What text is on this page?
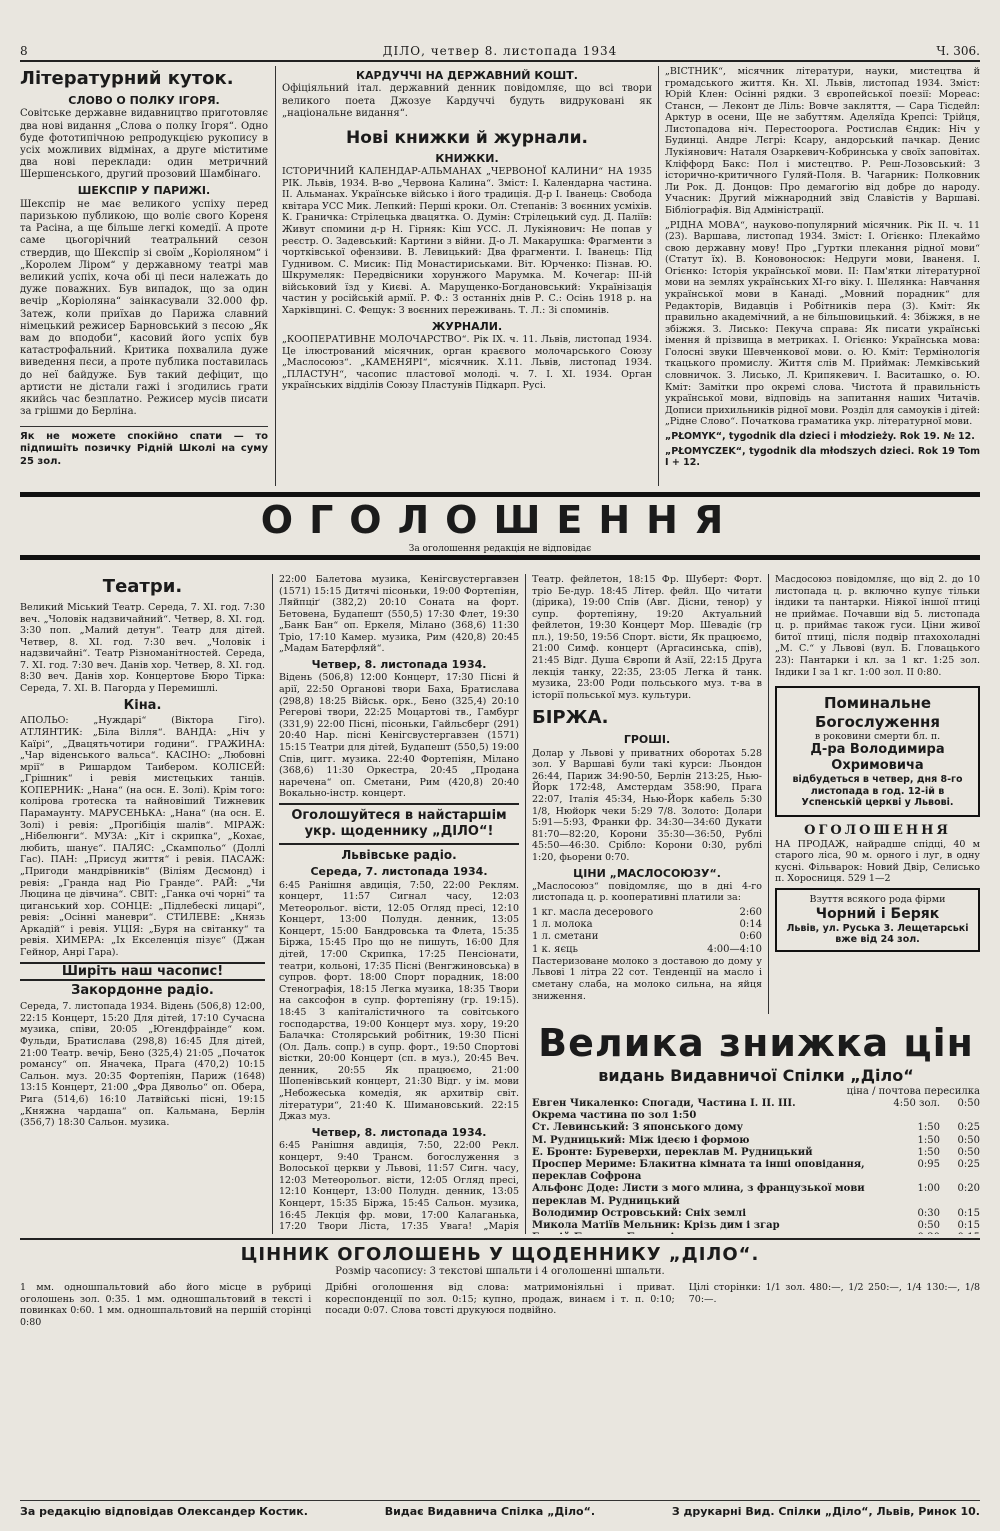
8	ДІЛО, четвер 8. листопада 1934	Ч. 306.
Літературний куток.
СЛОВО О ПОЛКУ ІГОРЯ.

Совітське державне видавництво приготовляє два нові видання „Слова о полку Ігоря“. Одно буде фототипічною репродукцією рукопису в усіх можливих відмінах, а друге міститиме два нові переклади: один метричний Шершенського, другий прозовий Шамбінаго.

ШЕКСПІР У ПАРИЖІ.

Шекспір не має великого успіху перед паризькою публикою, що воліє свого Кореня та Расіна, а ще більше легкі комедії. А проте саме цьогорічний театральний сезон ствердив, що Шекспір зі своїм „Коріоляном“ і „Королем Ліром“ у державному театрі мав великий успіх, коча обі ці песи належать до дуже поважних. Був випадок, що за один вечір „Коріоляна“ заінкасували 32.000 фр. Затеж, коли приїхав до Парижа славний німецький режисер Барновський з пєсою „Як вам до вподоби“, касовий його успіх був катастрофальний. Критика похвалила дуже виведення пєси, а проте публика поставилась до неї байдуже. Був такий дефіцит, що артисти не дістали гажі і згодились грати якийсь час безплатно. Режисер мусів писати за грішми до Берліна.

Як не можете спокійно спати — то підпишіть позичку Рідній Школі на суму 25 зол.

КАРДУЧЧІ НА ДЕРЖАВНИЙ КОШТ.

Офіціяльний італ. державний денник повідомляє, що всі твори великого поета Джозуе Кардуччі будуть видруковані як „національне видання“.

Нові книжки й журнали.
КНИЖКИ.

ІСТОРИЧНИЙ КАЛЕНДАР-АЛЬМАНАХ „ЧЕРВОНОЇ КАЛИНИ“ НА 1935 РІК. Львів, 1934. В-во „Червона Калина“. Зміст: І. Календарна частина. II. Альманах. Українське військо і його традиція. Д-р І. Іванець: Свобода квітара УСС Мик. Лепкий: Перші кроки. Ол. Степанів: З воєнних усміхів. К. Граничка: Стрілецька двацятка. О. Думін: Стрілецький суд. Д. Паліїв: Живут спомини д-р Н. Гірняк: Кіш УСС. Л. Лукіянович: Не попав у реєстр. О. Задевський: Картини з війни. Д-о Л. Макарушка: Фрагменти з чортківської офензиви. В. Левицький: Два фрагменти. І. Іванець: Під Гуднивом. С. Мисик: Під Монастириськами. Віт. Юрченко: Пізнав. Ю. Шкрумеляк: Передвісники хорунжого Марумка. М. Кочегар: III-ій військовий їзд у Києві. А. Марущенко-Богдановський: Українізація частин у російській армії. Р. Ф.: З останніх днів Р. С.: Осінь 1918 р. на Харківщині. С. Фещук: З воєнних переживань. Т. Л.: Зі споминів.

ЖУРНАЛИ.

„КООПЕРАТИВНЕ МОЛОЧАРСТВО“. Рік IX. ч. 11. Львів, листопад 1934. Це ілюстрований місячник, орган краєвого молочарського Союзу „Маслосоюз“. „КАМЕНЯРІ“, місячник. Х.11. Львів, листопад 1934. „ПЛАСТУН“, часопис пластової молоді. ч. 7. І. ХІ. 1934. Орган українських відділів Союзу Пластунів Підкарп. Русі.

„ВІСТНИК“, місячник літератури, науки, мистецтва й громадського життя. Кн. XI. Львів, листопад 1934. Зміст: Юрій Клен: Осінні рядки. З європейської поезії: Мореас: Стансн, — Леконт де Ліль: Вовче закляття, — Сара Тісдейл: Арктур в осени, Ще не забуттям. Аделяїда Крепсі: Трійця, Листопадова ніч. Перестоорога. Ростислав Єндик: Ніч у Будинці. Андре Лєгрі: Ксару, андорський пачкар. Денис Лукіянович: Наталя Озаркевич-Кобринська у своїх заповітах. Кліффорд Бакс: Пол і мистецтво. Р. Реш-Лозовський: З історично-критичного Гуляй-Поля. В. Чагарник: Полковник Ли Рок. Д. Донцов: Про демагогію від добре до народу. Учасник: Другий міжнародний звід Славістів у Варшаві. Бібліографія. Від Адміністрації.

„РІДНА МОВА“, науково-популярний місячник. Рік II. ч. 11 (23). Варшава, листопад 1934. Зміст: І. Огієнко: Плекаймо свою державну мову! Про „Гуртки плекання рідної мови“ (Статут їх). В. Коновоносюк: Недруги мови, Іваненя. І. Огієнко: Історія української мови. II: Пам'ятки літературної мови на землях українських XI-го віку. І. Шелянка: Навчання української мови в Канаді. „Мовний порадник“ для Редакторів, Видавців і Робітників пера (3). Кміт: Як правильно академічний, а не більшовицький. 4: Збіжжя, в не збіжжя. З. Лисько: Пекуча справа: Як писати українські імення й прізвища в метриках. І. Огієнко: Українська мова: Голосні звуки Шевченкової мови. о. Ю. Кміт: Термінологія ткацького промислу. Життя слів М. Приймак: Лемківський словничок. З. Лисько, Л. Крипякевич. І. Васиташко, о. Ю. Кміт: Замітки про окремі слова. Чистота й правильність української мови, відповідь на запитання наших Читачів. Дописи прихильників рідної мови. Розділ для самоуків і дітей: „Рідне Слово“. Початкова граматика укр. літературної мови.

„PŁOMYK“, tygodnik dla dzieci i młodzieży. Rok 19. № 12.

„PŁOMYCZEK“, tygodnik dla młodszych dzieci. Rok 19 Tom I + 12.

ОГОЛОШЕННЯ
За оголошення редакція не відповідає
Театри.

Великий Міський Театр. Середа, 7. XI. год. 7:30 веч. „Чоловік надзвичайний“. Четвер, 8. XI. год. 3:30 поп. „Малий детун“. Театр для дітей. Четвер, 8. XI. год. 7:30 веч. „Чоловік і надзвичайні“. Театр Різноманітностей. Середа, 7. XI. год. 7:30 веч. Данів хор. Четвер, 8. XI. год. 8:30 веч. Данів хор. Концертове Бюро Тірка: Середа, 7. XI. В. Пагорда у Перемишлі.

Кіна.

АПОЛЬО: „Нуждарі“ (Віктора Гіго). АТЛЯНТИК: „Біла Вілля“. ВАНДА: „Ніч у Каїрі“, „Двацятьчотири години“. ГРАЖИНА: „Чар віденського вальса“. КАСІНО: „Любовні мрії“ в Ришардом Таибером. КОЛІСЕЙ: „Грішник“ і ревія мистецьких танців. КОПЕРНИК: „Нана“ (на осн. Е. Золі). Крім того: колірова гротеска та найновіший Тижневик Парамаунту. МАРУСЕНЬКА: „Нана“ (на осн. Е. Золі) і ревія: „Прогібіція шалів“. МІРАЖ: „Нібелюнги“. МУЗА: „Кіт і скрипка“, „Кохає, любить, шанує“. ПАЛЯС: „Скампольо“ (Доллі Гас). ПАН: „Присуд життя“ і ревія. ПАСАЖ: „Пригоди мандрівників“ (Віліям Десмонд) і ревія: „Гранда над Ріо Гранде“. РАЙ: „Чи Люцина це дівчина“. СВІТ: „Ганка очі чорні“ та циганський хор. СОНЦЕ: „Підлебескі лицарі“, ревія: „Осінні маневри“. СТИЛЕВЕ: „Князь Аркадій“ і ревія. УЦІЯ: „Буря на світанку“ та ревія. ХИМЕРА: „Іх Екселенція пізує“ (Джан Гейнор, Анрі Гара).

Ширіть наш часопис!
Закордонне радіо.

Середа, 7. листопада 1934. Відень (506,8) 12:00, 22:15 Концерт, 15:20 Для дітей, 17:10 Сучасна музика, співи, 20:05 „Югендфраінде“ ком. Фульди, Братислава (298,8) 16:45 Для дітей, 21:00 Театр. вечір, Бено (325,4) 21:05 „Початок романсу“ оп. Яначека, Прага (470,2) 10:15 Сальон. муз. 20:35 Фортепіян, Париж (1648) 13:15 Концерт, 21:00 „Фра Дявольо“ оп. Обера, Рига (514,6) 16:10 Латвійські пісні, 19:15 „Княжна чардаша“ оп. Кальмана, Берлін (356,7) 18:30 Сальон. музика.

22:00 Балетова музика, Кенігсвустергавзен (1571) 15:15 Дитячі пісоньки, 19:00 Фортепіян, Ляйпціґ (382,2) 20:10 Соната на форт. Бетовена, Будапешт (550,5) 17:30 Флет, 19:30 „Банк Бан“ оп. Еркеля, Мілано (368,6) 11:30 Тріо, 17:10 Камер. музика, Рим (420,8) 20:45 „Мадам Батерфляй“.

Четвер, 8. листопада 1934.

Відень (506,8) 12:00 Концерт, 17:30 Пісні й арії, 22:50 Органові твори Баха, Братислава (298,8) 18:25 Військ. орк., Бено (325,4) 20:10 Регерові твори, 22:25 Моцартові тв., Гамбург (331,9) 22:00 Пісні, пісоньки, Гайльсберг (291) 20:40 Нар. пісні Кенігсвустергавзен (1571) 15:15 Театри для дітей, Будапешт (550,5) 19:00 Спів, цигг. музика. 22:40 Фортепіян, Мілано (368,6) 11:30 Оркестра, 20:45 „Продана наречена“ оп. Сметани, Рим (420,8) 20:40 Вокально-інстр. концерт.

Оголошуйтеся в найстаршім укр. щоденнику „ДІЛО“!
Львівське радіо.
Середа, 7. листопада 1934.

6:45 Ранішня авдиція, 7:50, 22:00 Реклям. концерт, 11:57 Сигнал часу, 12:03 Метеорольог. вісти, 12:05 Огляд пресі, 12:10 Концерт, 13:00 Полудн. денник, 13:05 Концерт, 15:00 Бандровська та Флета, 15:35 Біржа, 15:45 Про що не пишуть, 16:00 Для дітей, 17:00 Скрипка, 17:25 Пенсіонати, театри, кольоні, 17:35 Пісні (Венгжиновська) в супров. форт. 18:00 Спорт порадник, 18:00 Стенографія, 18:15 Легка музика, 18:35 Твори на саксофон в супр. фортепіяну (гр. 19:15). 18:45 З капіталістичного та совітського господарства, 19:00 Концерт муз. хору, 19:20 Балачка: Столярський робітник, 19:30 Пісні (Ол. Даль. сопр.) в супр. форт., 19:50 Спортові вістки, 20:00 Концерт (сп. в муз.), 20:45 Веч. денник, 20:55 Як працюємо, 21:00 Шопенівський концерт, 21:30 Відг. у ім. мови „Небожеська комедія, як архитвір світ. літератури“, 21:40 К. Шимановський. 22:15 Джаз муз.

Четвер, 8. листопада 1934.

6:45 Ранішня авдиція, 7:50, 22:00 Рекл. концерт, 9:40 Трансм. богослуження з Волоської церкви у Львові, 11:57 Сигн. часу, 12:03 Метеорольог. вісти, 12:05 Огляд пресі, 12:10 Концерт, 13:00 Полудн. денник, 13:05 Концерт, 15:35 Біржа, 15:45 Сальон. музика, 16:45 Лекція фр. мови, 17:00 Калаганька, 17:20 Твори Ліста, 17:35 Увага! „Марія

Театр. фейлетон, 18:15 Фр. Шуберт: Форт. тріо Бе-дур. 18:45 Літер. фейл. Що читати (дірика), 19:00 Спів (Авг. Дісни, тенор) у супр. фортепіяну, 19:20 Актуальний фейлетон, 19:30 Концерт Мор. Шевадіє (гр пл.), 19:50, 19:56 Спорт. вісти, Як працюємо, 21:00 Симф. концерт (Аргасинська, спів), 21:45 Відг. Душа Європи й Азії, 22:15 Друга лекція танку, 22:35, 23:05 Легка й танк. музика, 23:00 Роди польського муз. т-ва в історії польської муз. культури.

БІРЖА.
ГРОШІ.

Долар у Львові у приватних оборотах 5.28 зол. У Варшаві були такі курси: Льондон 26:44, Париж 34:90-50, Берлін 213:25, Нью-Йорк 172:48, Амстердам 358:90, Прага 22:07, Італія 45:34, Нью-Йорк кабель 5:30 1/8, Нюйорк чеки 5:29 7/8. Золото: Долари 5:91—5:93, Франки фр. 34:30—34:60 Дукати 81:70—82:20, Корони 35:30—36:50, Рублі 45:50—46:30. Срібло: Корони 0:30, рублі 1:20, фьорени 0:70.

ЦІНИ „МАСЛОСОЮЗУ“.

„Маслосоюз“ повідомляє, що в дні 4-го листопада ц. р. кооперативні платили за:

1 кг. масла десерового	2:60
1 л. молока	0:14
1 л. сметани	0:60
1 к. яєць	4:00—4:10

Пастеризоване молоко з доставою до дому у Львові 1 літра 22 сот. Тенденції на масло і сметану слаба, на молоко сильна, на яйця зниження.

Масдосоюз повідомляє, що від 2. до 10 листопада ц. р. включно купує тільки індики та пантарки. Ніякої іншої птиці не приймає. Почавши від 5. листопада ц. р. приймає також гуси. Ціни живої битої птиці, після подвір птахохоладні „М. С.“ у Львові (вул. Б. Гловацького 23): Пантарки і кл. за 1 кг. 1:25 зол. Індики I за 1 кг. 1:00 зол. II 0:80.

Поминальне Богослуження
в роковини смерти бл. п.
Д-ра Володимира Охримовича
відбудеться в четвер, дня 8-го листопада в год. 12-ій в Успенській церкві у Львові.
ОГОЛОШЕННЯ

НА ПРОДАЖ, найрадше спідці, 40 м старого ліса, 90 м. орного і луг, в одну кусні. Фільварок: Новий Двір, Селисько п. Хоросниця. 529 1—2

Взуття всякого рода фірми
Чорний і Беряк
Львів, ул. Руська 3. Лещетарські вже від 24 зол.
Велика знижка цін
видань Видавничої Спілки „Діло“
ціна / почтова пересилка
Евген Чикаленко: Спогади, Частина I. II. III.	4:50 зол.	0:50
Окрема частина по зол 1:50
Ст. Левинський: З японського дому	1:50	0:25
М. Рудницький: Між ідеєю і формою	1:50	0:50
Е. Бронте: Буреверхи, переклав М. Рудницький	1:50	0:50
Проспер Мериме: Блакитна кімната та інші оповідання, переклав Софрона
0:95	0:25
Альфонс Доде: Листи з мого млина, з французької мови переклав М. Рудницький
1:00	0:20
Володимир Островський: Сніх землі	0:30	0:15
Микола Матіїв Мельник: Крізь дим і згар	0:50	0:15
ЦІННИК ОГОЛОШЕНЬ У ЩОДЕННИКУ „ДІЛО“.
Розмір часопису: 3 текстові шпальти і 4 оголошенні шпальти.

1 мм. одношпальтовий або його місце в рубриці оголошень зол. 0:35. 1 мм. одношпальтовий в тексті і повинках 0:60. 1 мм. одношпальтовий на першій сторінці 0:80

Дрібні оголошення від слова: матримоніяльні і приват. кореспонденції по зол. 0:15; купно, продаж, винаєм і т. п. 0:10; посади 0:07. Слова товсті друкуюся подвійно.

Цілі сторінки: 1/1 зол. 480:—, 1/2 250:—, 1/4 130:—, 1/8 70:—.

За редакцію відповідав Олександер Костик.	Видає Видавнича Спілка „Діло“.	З друкарні Вид. Спілки „Діло“, Львів, Ринок 10.
